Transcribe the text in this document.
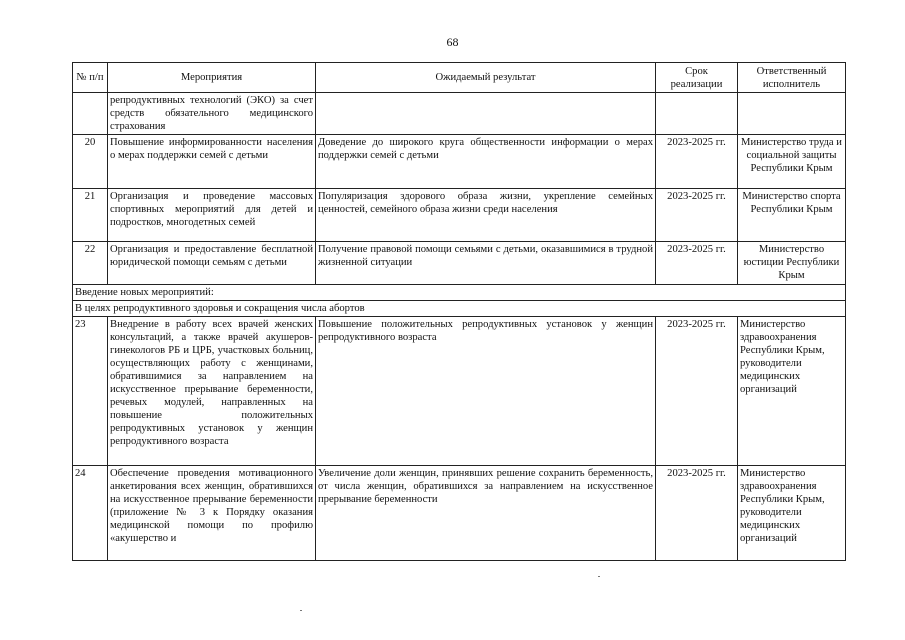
68
№ п/п	Мероприятия	Ожидаемый результат	Срок реализации	Ответственный исполнитель
	репродуктивных технологий (ЭКО) за счет средств обязательного медицинского страхования			
20	Повышение информированности населения о мерах поддержки семей с детьми	Доведение до широкого круга общественности информации о мерах поддержки семей с детьми	2023-2025 гг.	Министерство труда и социальной защиты Республики Крым
21	Организация и проведение массовых спортивных мероприятий для детей и подростков, многодетных семей	Популяризация здорового образа жизни, укрепление семейных ценностей, семейного образа жизни среди населения	2023-2025 гг.	Министерство спорта Республики Крым
22	Организация и предоставление бесплатной юридической помощи семьям с детьми	Получение правовой помощи семьями с детьми, оказавшимися в трудной жизненной ситуации	2023-2025 гг.	Министерство юстиции Республики Крым
Введение новых мероприятий:				
В целях репродуктивного здоровья и сокращения числа абортов				
23	Внедрение в работу всех врачей женских консультаций, а также врачей акушеров-гинекологов РБ и ЦРБ, участковых больниц, осуществляющих работу с женщинами, обратившимися за направлением на искусственное прерывание беременности, речевых модулей, направленных на повышение положительных репродуктивных установок у женщин репродуктивного возраста	Повышение положительных репродуктивных установок у женщин репродуктивного возраста	2023-2025 гг.	Министерство здравоохранения Республики Крым, руководители медицинских организаций
24	Обеспечение проведения мотивационного анкетирования всех женщин, обратившихся на искусственное прерывание беременности (приложение № 3 к Порядку оказания медицинской помощи по профилю «акушерство и	Увеличение доли женщин, принявших решение сохранить беременность, от числа женщин, обратившихся за направлением на искусственное прерывание беременности	2023-2025 гг.	Министерство здравоохранения Республики Крым, руководители медицинских организаций
